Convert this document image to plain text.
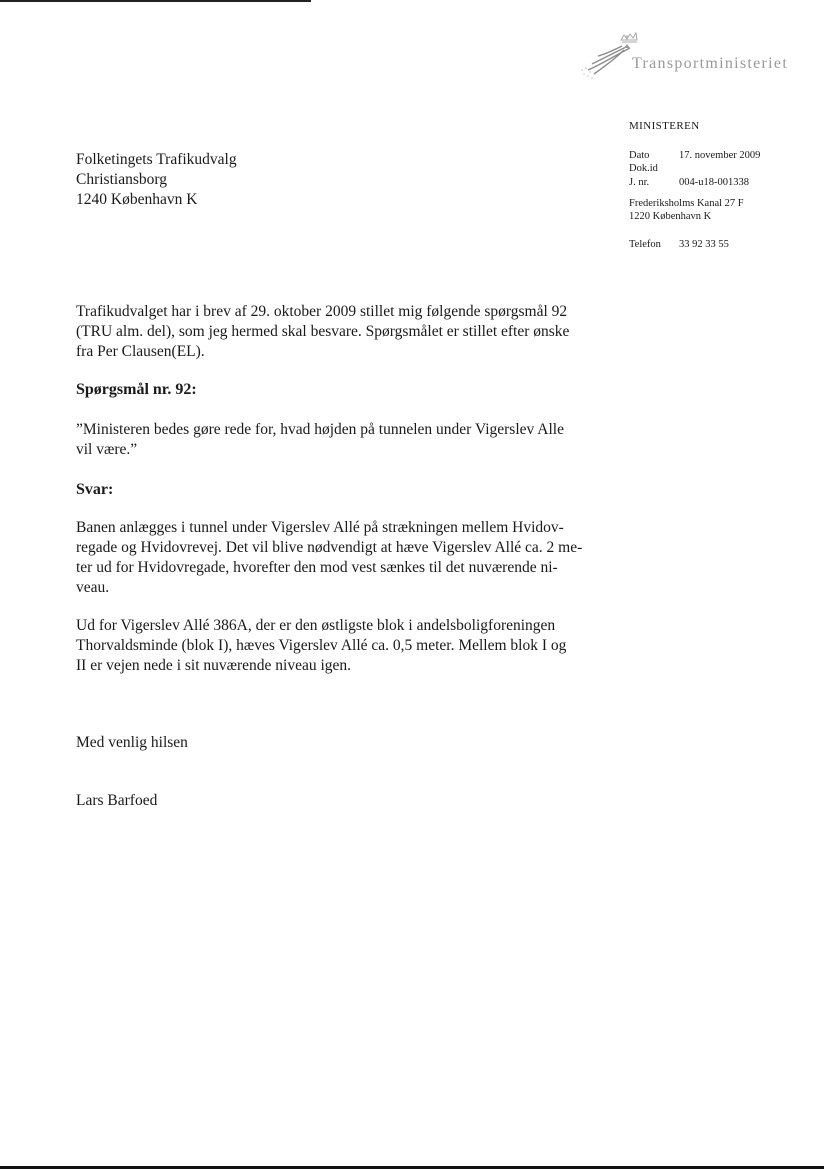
Transportministeriet
MINISTEREN
Dato	17. november 2009
Dok.id
J. nr.	004-u18-001338
Frederiksholms Kanal 27 F
1220 København K
Telefon 33 92 33 55
Folketingets Trafikudvalg
Christiansborg
1240 København K
Trafikudvalget har i brev af 29. oktober 2009 stillet mig følgende spørgsmål 92
(TRU alm. del), som jeg hermed skal besvare. Spørgsmålet er stillet efter ønske
fra Per Clausen(EL).
Spørgsmål nr. 92:
”Ministeren bedes gøre rede for, hvad højden på tunnelen under Vigerslev Alle
vil være.”
Svar:
Banen anlægges i tunnel under Vigerslev Allé på strækningen mellem Hvidov-
regade og Hvidovrevej. Det vil blive nødvendigt at hæve Vigerslev Allé ca. 2 me-
ter ud for Hvidovregade, hvorefter den mod vest sænkes til det nuværende ni-
veau.
Ud for Vigerslev Allé 386A, der er den østligste blok i andelsboligforeningen
Thorvaldsminde (blok I), hæves Vigerslev Allé ca. 0,5 meter. Mellem blok I og
II er vejen nede i sit nuværende niveau igen.
Med venlig hilsen
Lars Barfoed
